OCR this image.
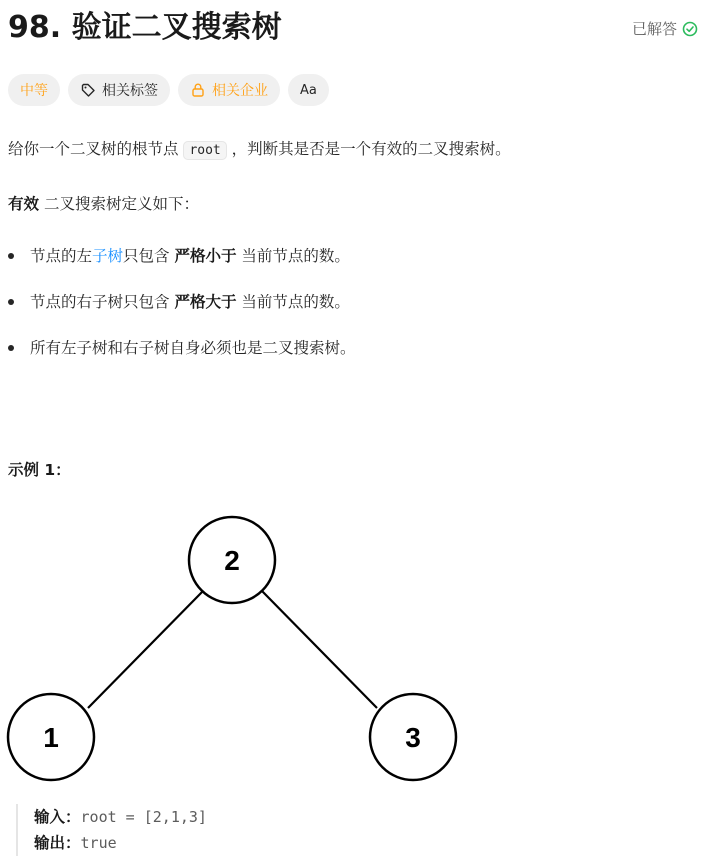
98. 验证二叉搜索树	已解答
中等	相关标签	相关企业 Aa
给你一个二叉树的根节点 root ，判断其是否是一个有效的二叉搜索树。
有效 二叉搜索树定义如下：
节点的左子树只包含 严格小于 当前节点的数。
节点的右子树只包含 严格大于 当前节点的数。
所有左子树和右子树自身必须也是二叉搜索树。
示例 1：
2
1	3
输入：root = [2,1,3]
输出：true
